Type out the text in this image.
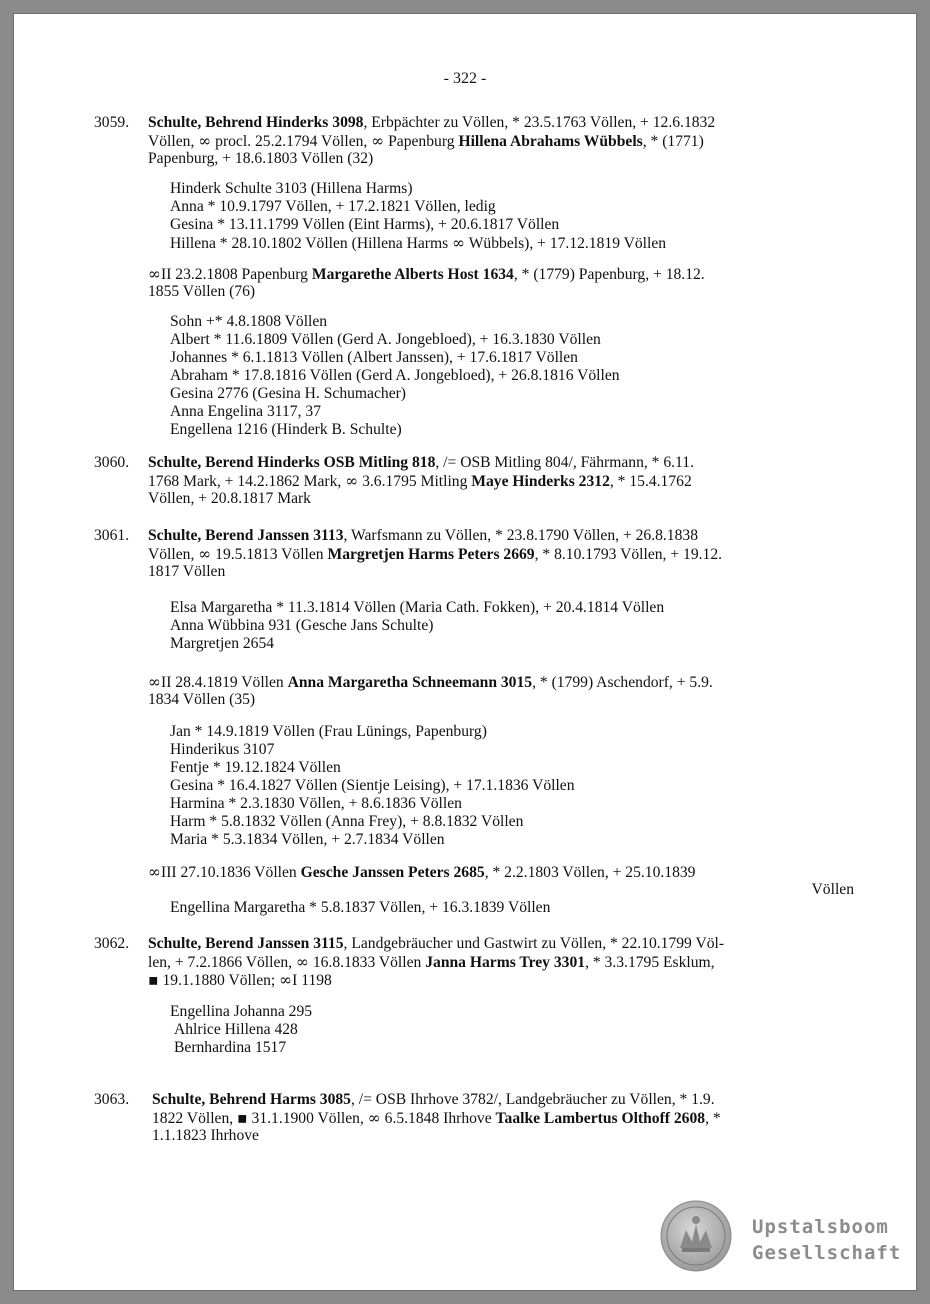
- 322 -
3059. Schulte, Behrend Hinderks 3098, Erbpächter zu Völlen, * 23.5.1763 Völlen, + 12.6.1832
Völlen, ∞ procl. 25.2.1794 Völlen, ∞ Papenburg Hillena Abrahams Wübbels, * (1771)
Papenburg, + 18.6.1803 Völlen (32)
Hinderk Schulte 3103 (Hillena Harms)
Anna * 10.9.1797 Völlen, + 17.2.1821 Völlen, ledig
Gesina * 13.11.1799 Völlen (Eint Harms), + 20.6.1817 Völlen
Hillena * 28.10.1802 Völlen (Hillena Harms ∞ Wübbels), + 17.12.1819 Völlen
∞II 23.2.1808 Papenburg Margarethe Alberts Host 1634, * (1779) Papenburg, + 18.12.
1855 Völlen (76)
Sohn +* 4.8.1808 Völlen
Albert * 11.6.1809 Völlen (Gerd A. Jongebloed), + 16.3.1830 Völlen
Johannes * 6.1.1813 Völlen (Albert Janssen), + 17.6.1817 Völlen
Abraham * 17.8.1816 Völlen (Gerd A. Jongebloed), + 26.8.1816 Völlen
Gesina 2776 (Gesina H. Schumacher)
Anna Engelina 3117, 37
Engellena 1216 (Hinderk B. Schulte)
3060. Schulte, Berend Hinderks OSB Mitling 818, /= OSB Mitling 804/, Fährmann, * 6.11.
1768 Mark, + 14.2.1862 Mark, ∞ 3.6.1795 Mitling Maye Hinderks 2312, * 15.4.1762
Völlen, + 20.8.1817 Mark
3061. Schulte, Berend Janssen 3113, Warfsmann zu Völlen, * 23.8.1790 Völlen, + 26.8.1838
Völlen, ∞ 19.5.1813 Völlen Margretjen Harms Peters 2669, * 8.10.1793 Völlen, + 19.12.
1817 Völlen
Elsa Margaretha * 11.3.1814 Völlen (Maria Cath. Fokken), + 20.4.1814 Völlen
Anna Wübbina 931 (Gesche Jans Schulte)
Margretjen 2654
∞II 28.4.1819 Völlen Anna Margaretha Schneemann 3015, * (1799) Aschendorf, + 5.9.
1834 Völlen (35)
Jan * 14.9.1819 Völlen (Frau Lünings, Papenburg)
Hinderikus 3107
Fentje * 19.12.1824 Völlen
Gesina * 16.4.1827 Völlen (Sientje Leising), + 17.1.1836 Völlen
Harmina * 2.3.1830 Völlen, + 8.6.1836 Völlen
Harm * 5.8.1832 Völlen (Anna Frey), + 8.8.1832 Völlen
Maria * 5.3.1834 Völlen, + 2.7.1834 Völlen
∞III 27.10.1836 Völlen Gesche Janssen Peters 2685, * 2.2.1803 Völlen, + 25.10.1839
Völlen
Engellina Margaretha * 5.8.1837 Völlen, + 16.3.1839 Völlen
3062. Schulte, Berend Janssen 3115, Landgebräucher und Gastwirt zu Völlen, * 22.10.1799 Völ-
len, + 7.2.1866 Völlen, ∞ 16.8.1833 Völlen Janna Harms Trey 3301, * 3.3.1795 Esklum,
▪ 19.1.1880 Völlen; ∞I 1198
Engellina Johanna 295
Ahlrice Hillena 428
Bernhardina 1517
3063. Schulte, Behrend Harms 3085, /= OSB Ihrhove 3782/, Landgebräucher zu Völlen, * 1.9.
1822 Völlen, ▪ 31.1.1900 Völlen, ∞ 6.5.1848 Ihrhove Taalke Lambertus Olthoff 2608, *
1.1.1823 Ihrhove
Upstalsboom
Gesellschaft
